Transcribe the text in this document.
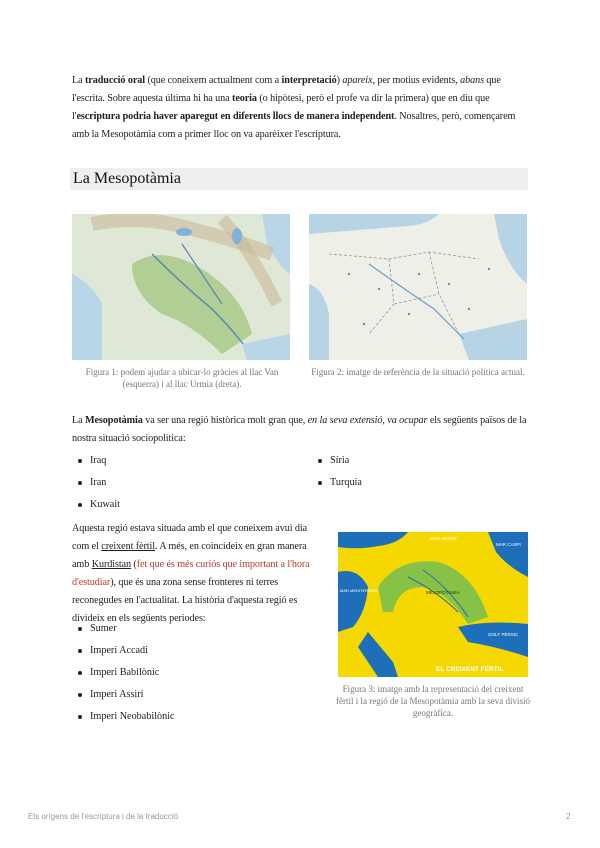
La traducció oral (que coneixem actualment com a interpretació) apareix, per motius evidents, abans que l'escrita. Sobre aquesta última hi ha una teoria (o hipòtesi, però el profe va dir la primera) que en diu que l'escriptura podria haver aparegut en diferents llocs de manera independent. Nosaltres, però, començarem amb la Mesopotàmia com a primer lloc on va aparèixer l'escriptura.
La Mesopotàmia
Figura 1: podem ajudar a ubicar-lo gràcies al llac Van (esquerra) i al llac Urmia (dreta).
Figura 2: imatge de referència de la situació política actual.
La Mesopotàmia va ser una regió històrica molt gran que, en la seva extensió, va ocupar els següents països de la nostra situació sociopolítica:
Iraq
Iran
Kuwait
Síria
Turquia
Aquesta regió estava situada amb el que coneixem avui dia com el creixent fèrtil. A més, en coincideix en gran manera amb Kurdistan (fet que és més curiós que important a l'hora d'estudiar), que és una zona sense fronteres ni terres reconegudes en l'actualitat. La història d'aquesta regió es divideix en els següents períodes:
Sumer
Imperi Accadi
Imperi Babilònic
Imperi Assiri
Imperi Neobabilònic
MAR NEGRE
MAR CASPI
MAR MEDITERRANI
GOLF PÈRSIC
MESOPOTÀMIA
EL CREIXENT FÈRTIL
Figura 3: imatge amb la representació del creixent fèrtil i la regió de la Mesopotàmia amb la seva divisió geogràfica.
Els orígens de l'escriptura i de la traducció	2
